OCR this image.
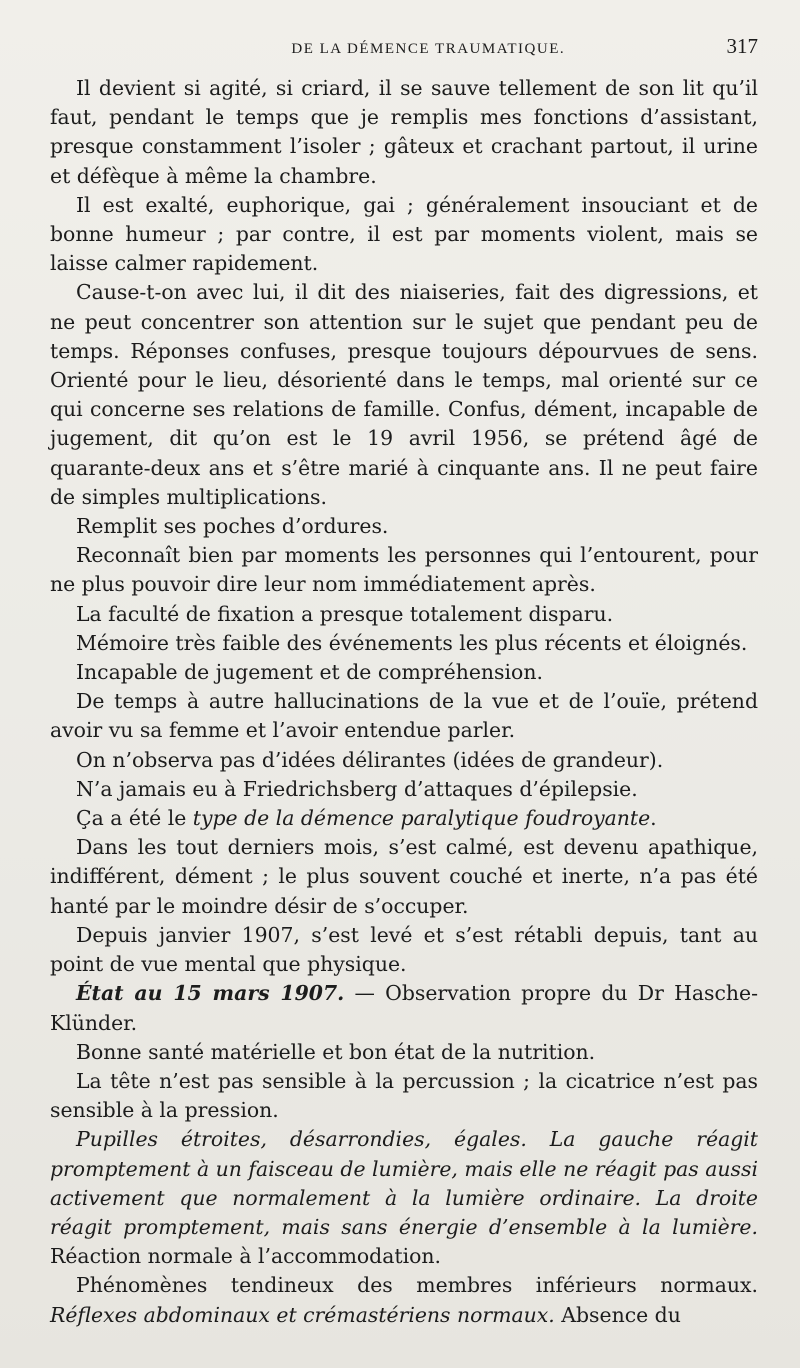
DE LA DÉMENCE TRAUMATIQUE.	317

Il devient si agité, si criard, il se sauve tellement de son lit qu’il faut, pendant le temps que je remplis mes fonctions d’assistant, presque constamment l’isoler ; gâteux et crachant partout, il urine et défèque à même la chambre.

Il est exalté, euphorique, gai ; généralement insouciant et de bonne humeur ; par contre, il est par moments violent, mais se laisse calmer rapidement.

Cause-t-on avec lui, il dit des niaiseries, fait des digressions, et ne peut concentrer son attention sur le sujet que pendant peu de temps. Réponses confuses, presque toujours dépourvues de sens. Orienté pour le lieu, désorienté dans le temps, mal orienté sur ce qui concerne ses relations de famille. Confus, dément, incapable de jugement, dit qu’on est le 19 avril 1956, se prétend âgé de quarante-deux ans et s’être marié à cinquante ans. Il ne peut faire de simples multiplications.

Remplit ses poches d’ordures.

Reconnaît bien par moments les personnes qui l’entourent, pour ne plus pouvoir dire leur nom immédiatement après.

La faculté de fixation a presque totalement disparu.

Mémoire très faible des événements les plus récents et éloignés.

Incapable de jugement et de compréhension.

De temps à autre hallucinations de la vue et de l’ouïe, prétend avoir vu sa femme et l’avoir entendue parler.

On n’observa pas d’idées délirantes (idées de grandeur).

N’a jamais eu à Friedrichsberg d’attaques d’épilepsie.

Ça a été le type de la démence paralytique foudroyante.

Dans les tout derniers mois, s’est calmé, est devenu apathique, indifférent, dément ; le plus souvent couché et inerte, n’a pas été hanté par le moindre désir de s’occuper.

Depuis janvier 1907, s’est levé et s’est rétabli depuis, tant au point de vue mental que physique.

État au 15 mars 1907. — Observation propre du Dr Hasche-Klünder.

Bonne santé matérielle et bon état de la nutrition.

La tête n’est pas sensible à la percussion ; la cicatrice n’est pas sensible à la pression.

Pupilles étroites, désarrondies, égales. La gauche réagit promptement à un faisceau de lumière, mais elle ne réagit pas aussi activement que normalement à la lumière ordinaire. La droite réagit promptement, mais sans énergie d’ensemble à la lumière. Réaction normale à l’accommodation.

Phénomènes tendineux des membres inférieurs normaux. Réflexes abdominaux et crémastériens normaux. Absence du
